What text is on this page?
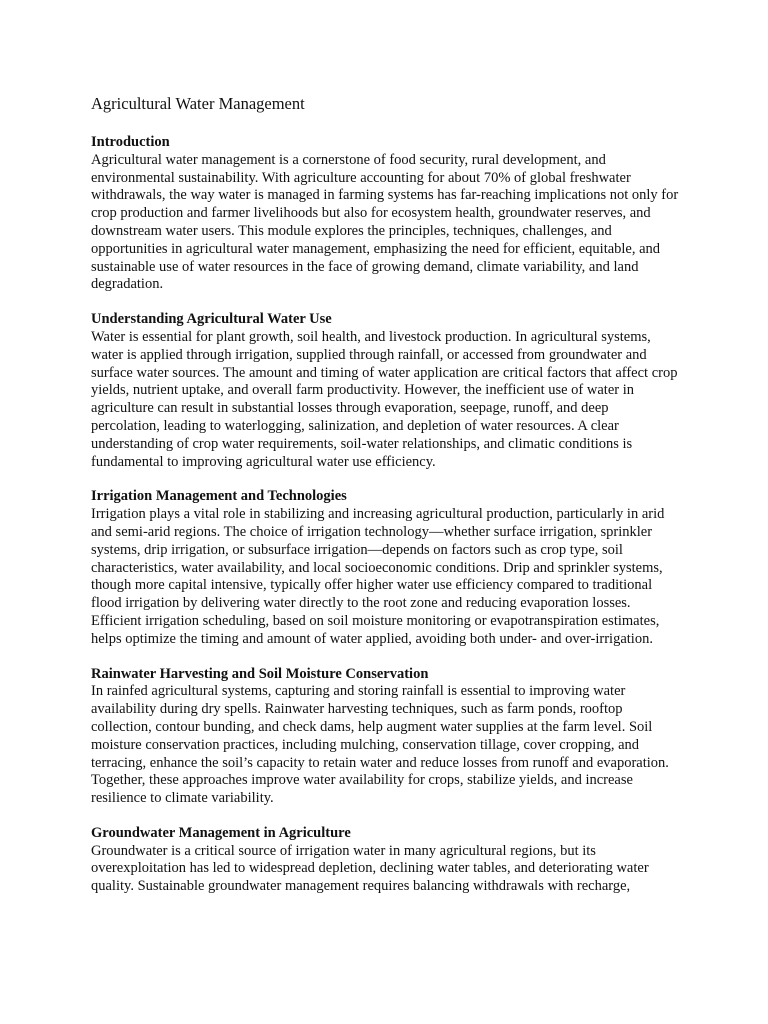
Agricultural Water Management

Introduction

Agricultural water management is a cornerstone of food security, rural development, and environmental sustainability. With agriculture accounting for about 70% of global freshwater withdrawals, the way water is managed in farming systems has far-reaching implications not only for crop production and farmer livelihoods but also for ecosystem health, groundwater reserves, and downstream water users. This module explores the principles, techniques, challenges, and opportunities in agricultural water management, emphasizing the need for efficient, equitable, and sustainable use of water resources in the face of growing demand, climate variability, and land degradation.

Understanding Agricultural Water Use

Water is essential for plant growth, soil health, and livestock production. In agricultural systems, water is applied through irrigation, supplied through rainfall, or accessed from groundwater and surface water sources. The amount and timing of water application are critical factors that affect crop yields, nutrient uptake, and overall farm productivity. However, the inefficient use of water in agriculture can result in substantial losses through evaporation, seepage, runoff, and deep percolation, leading to waterlogging, salinization, and depletion of water resources. A clear understanding of crop water requirements, soil-water relationships, and climatic conditions is fundamental to improving agricultural water use efficiency.

Irrigation Management and Technologies

Irrigation plays a vital role in stabilizing and increasing agricultural production, particularly in arid and semi-arid regions. The choice of irrigation technology—whether surface irrigation, sprinkler systems, drip irrigation, or subsurface irrigation—depends on factors such as crop type, soil characteristics, water availability, and local socioeconomic conditions. Drip and sprinkler systems, though more capital intensive, typically offer higher water use efficiency compared to traditional flood irrigation by delivering water directly to the root zone and reducing evaporation losses. Efficient irrigation scheduling, based on soil moisture monitoring or evapotranspiration estimates, helps optimize the timing and amount of water applied, avoiding both under- and over-irrigation.

Rainwater Harvesting and Soil Moisture Conservation

In rainfed agricultural systems, capturing and storing rainfall is essential to improving water availability during dry spells. Rainwater harvesting techniques, such as farm ponds, rooftop collection, contour bunding, and check dams, help augment water supplies at the farm level. Soil moisture conservation practices, including mulching, conservation tillage, cover cropping, and terracing, enhance the soil’s capacity to retain water and reduce losses from runoff and evaporation. Together, these approaches improve water availability for crops, stabilize yields, and increase resilience to climate variability.

Groundwater Management in Agriculture

Groundwater is a critical source of irrigation water in many agricultural regions, but its overexploitation has led to widespread depletion, declining water tables, and deteriorating water quality. Sustainable groundwater management requires balancing withdrawals with recharge,
